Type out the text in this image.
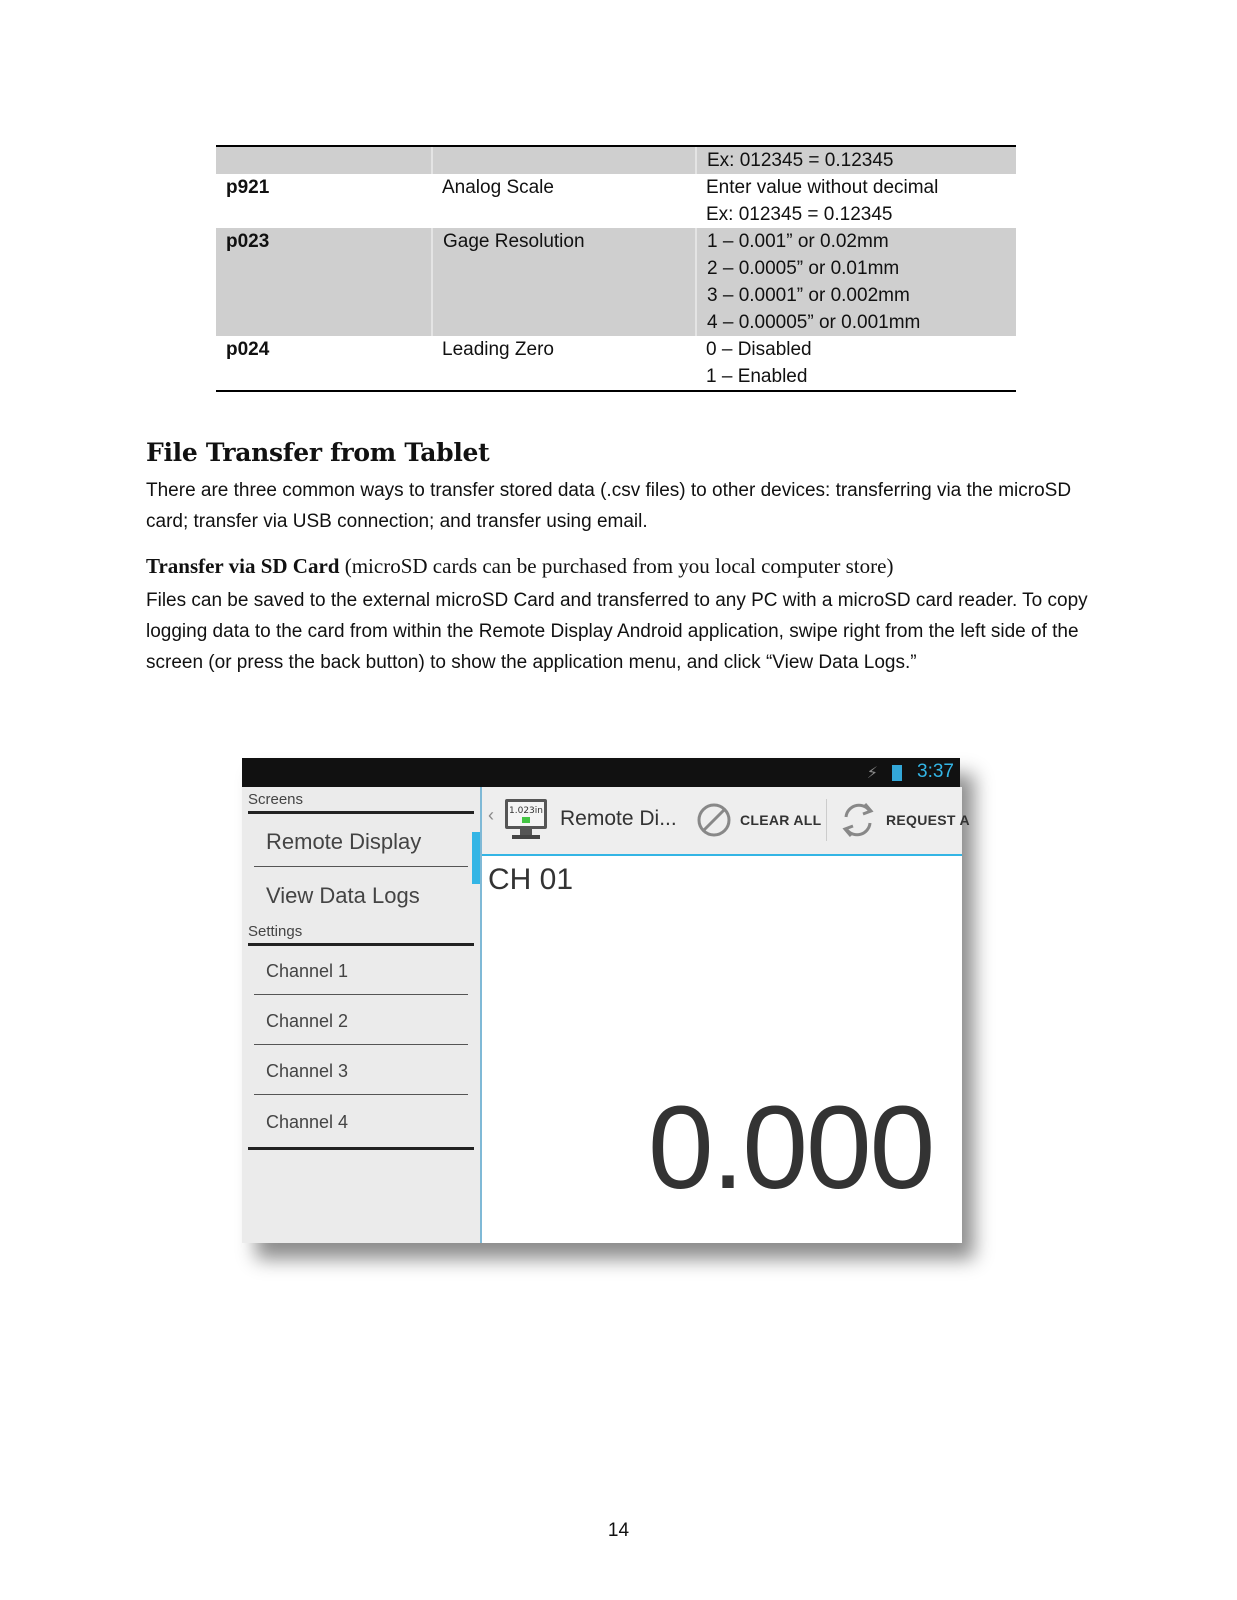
		Ex: 012345 = 0.12345

p921	Analog Scale	Enter value without decimal
Ex: 012345 = 0.12345

p023	Gage Resolution	1 – 0.001” or 0.02mm
2 – 0.0005” or 0.01mm
3 – 0.0001” or 0.002mm
4 – 0.00005” or 0.001mm

p024	Leading Zero	0 – Disabled
1 – Enabled
File Transfer from Tablet

There are three common ways to transfer stored data (.csv files) to other devices: transferring via the microSD card; transfer via USB connection; and transfer using email.

Transfer via SD Card (microSD cards can be purchased from you local computer store)

Files can be saved to the external microSD Card and transferred to any PC with a microSD card reader. To copy logging data to the card from within the Remote Display Android application, swipe right from the left side of the screen (or press the back button) to show the application menu, and click “View Data Logs.”

⚡ 3:37
Screens
Remote Display
View Data Logs
Settings
Channel 1
Channel 2
Channel 3
Channel 4
‹ 1.023in Remote Di...	CLEAR ALL	REQUEST A
CH 01
0.000
14
